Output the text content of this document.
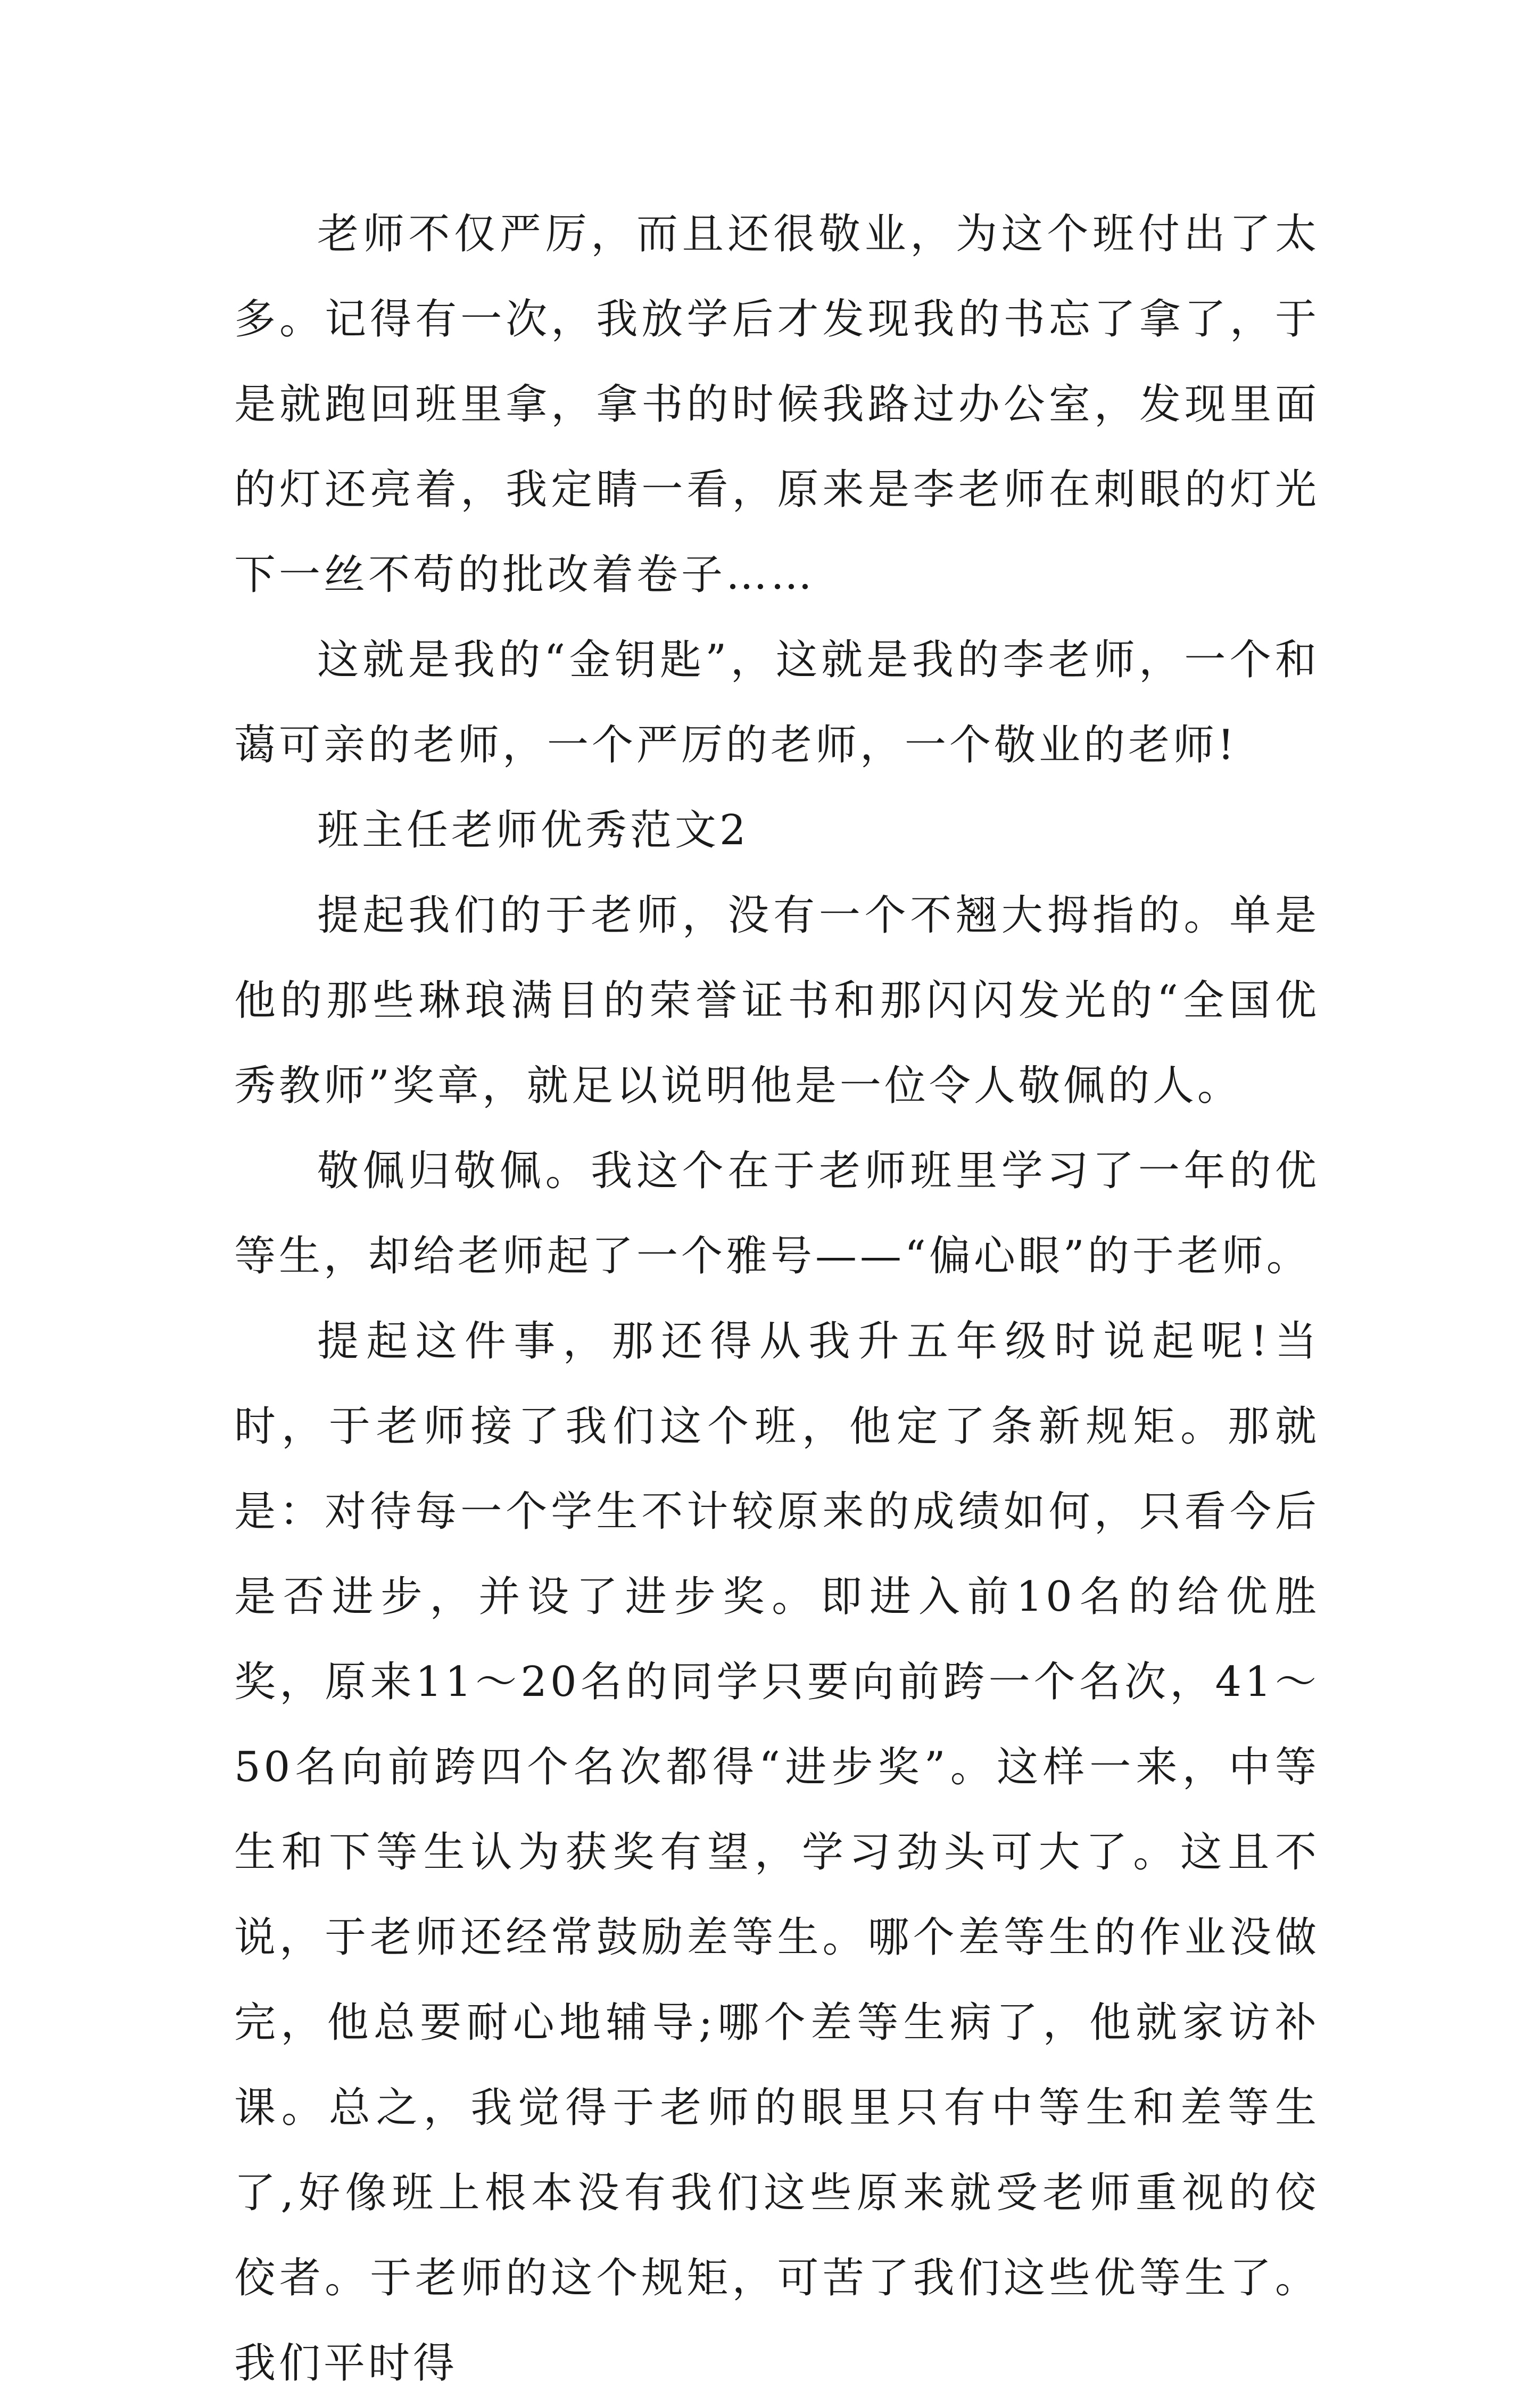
老师不仅严厉，而且还很敬业，为这个班付出了太多。记得有一次，我放学后才发现我的书忘了拿了，于是就跑回班里拿，拿书的时候我路过办公室，发现里面的灯还亮着，我定睛一看，原来是李老师在刺眼的灯光下一丝不苟的批改着卷子……

这就是我的“金钥匙”，这就是我的李老师，一个和蔼可亲的老师，一个严厉的老师，一个敬业的老师!

班主任老师优秀范文2

提起我们的于老师，没有一个不翘大拇指的。单是他的那些琳琅满目的荣誉证书和那闪闪发光的“全国优秀教师”奖章，就足以说明他是一位令人敬佩的人。

敬佩归敬佩。我这个在于老师班里学习了一年的优等生，却给老师起了一个雅号——“偏心眼”的于老师。

提起这件事，那还得从我升五年级时说起呢!当时，于老师接了我们这个班，他定了条新规矩。那就是：对待每一个学生不计较原来的成绩如何，只看今后是否进步，并设了进步奖。即进入前10名的给优胜奖，原来11～20名的同学只要向前跨一个名次，41～50名向前跨四个名次都得“进步奖”。这样一来，中等生和下等生认为获奖有望，学习劲头可大了。这且不说，于老师还经常鼓励差等生。哪个差等生的作业没做完，他总要耐心地辅导;哪个差等生病了，他就家访补课。总之，我觉得于老师的眼里只有中等生和差等生了,好像班上根本没有我们这些原来就受老师重视的佼佼者。于老师的这个规矩，可苦了我们这些优等生了。我们平时得
